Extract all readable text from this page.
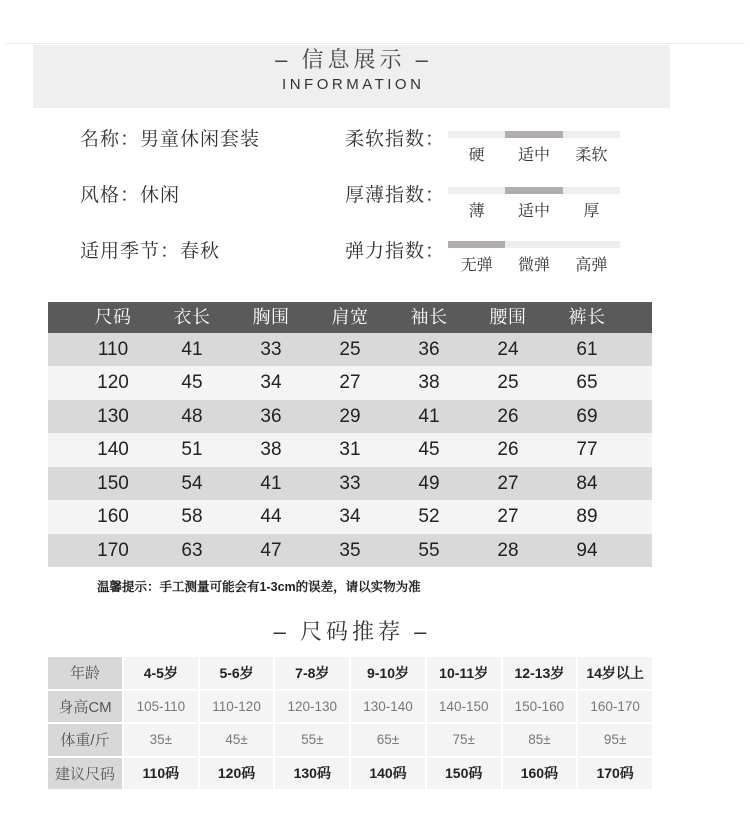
– 信息展示 –
INFORMATION
名称：男童休闲套装
风格：休闲
适用季节：春秋
柔软指数：
硬	适中	柔软
厚薄指数：
薄	适中	厚
弹力指数：
无弹	微弹	高弹
尺码	衣长	胸围	肩宽	袖长	腰围	裤长
110	41	33	25	36	24	61
120	45	34	27	38	25	65
130	48	36	29	41	26	69
140	51	38	31	45	26	77
150	54	41	33	49	27	84
160	58	44	34	52	27	89
170	63	47	35	55	28	94
温馨提示：手工测量可能会有1-3cm的误差，请以实物为准
– 尺码推荐 –
年龄	4-5岁	5-6岁	7-8岁	9-10岁	10-11岁	12-13岁	14岁以上
身高CM	105-110	110-120	120-130	130-140	140-150	150-160	160-170
体重/斤	35±	45±	55±	65±	75±	85±	95±
建议尺码	110码	120码	130码	140码	150码	160码	170码
